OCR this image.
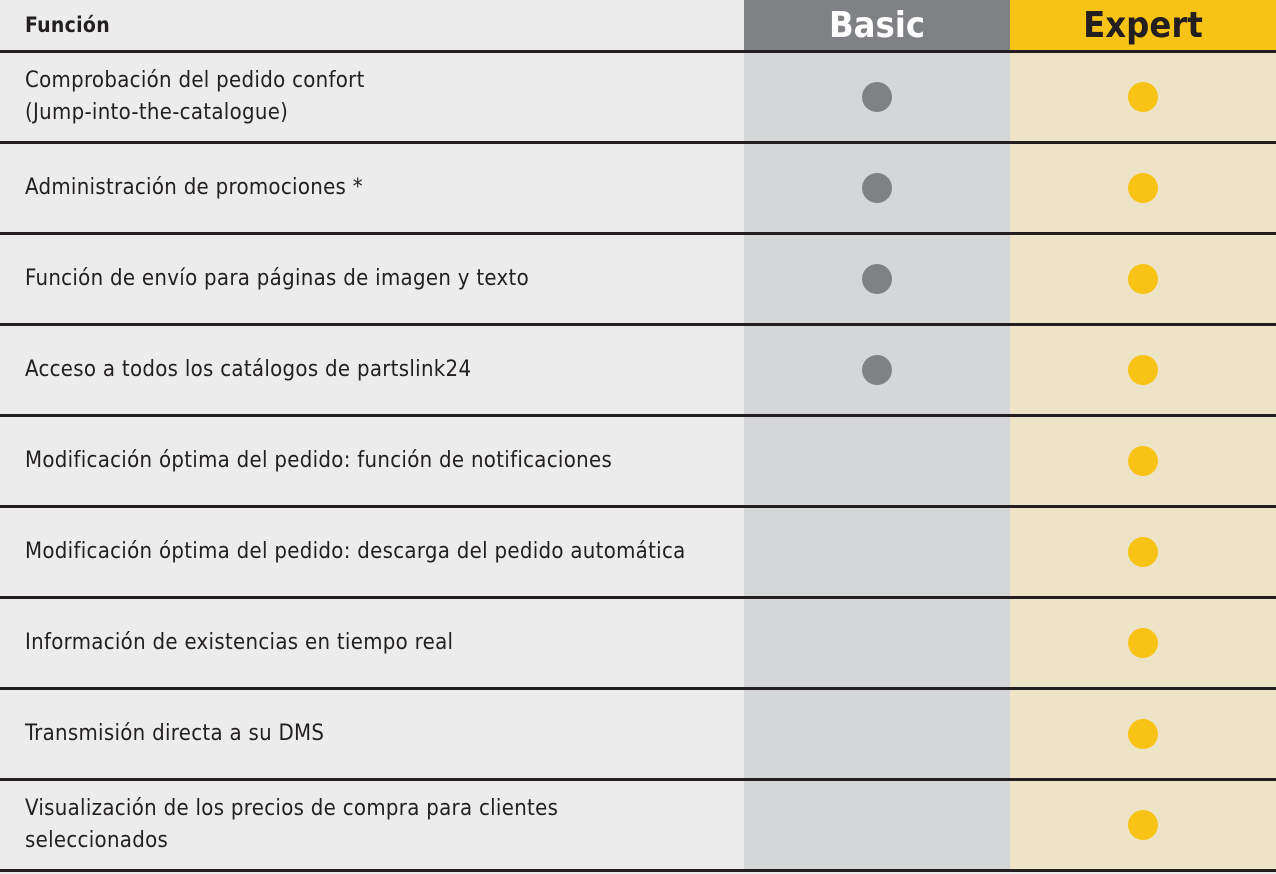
Función	Basic	Expert
Comprobación del pedido confort
(Jump-into-the-catalogue)
Administración de promociones *
Función de envío para páginas de imagen y texto
Acceso a todos los catálogos de partslink24
Modificación óptima del pedido: función de notificaciones
Modificación óptima del pedido: descarga del pedido automática
Información de existencias en tiempo real
Transmisión directa a su DMS
Visualización de los precios de compra para clientes
seleccionados
